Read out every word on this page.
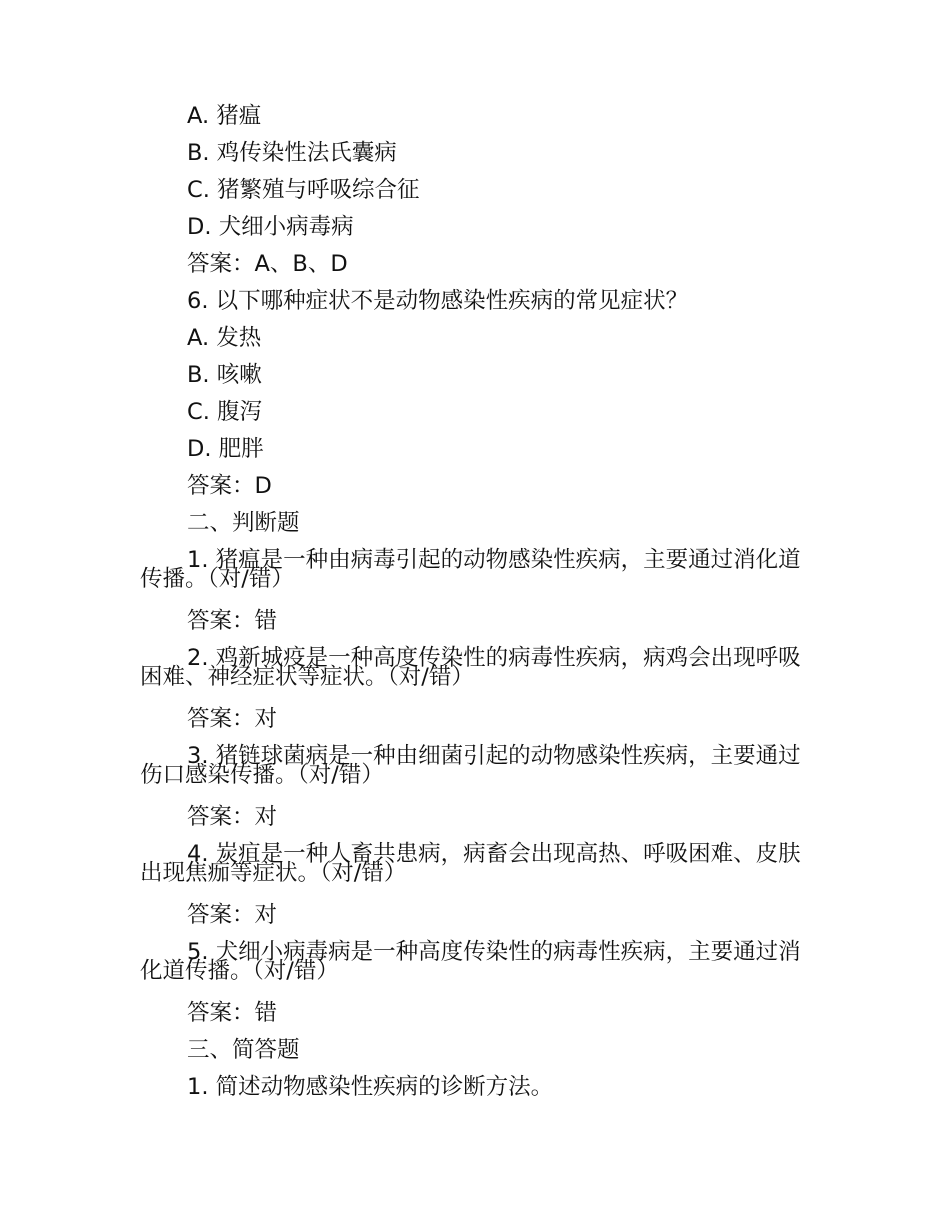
A. 猪瘟
B. 鸡传染性法氏囊病
C. 猪繁殖与呼吸综合征
D. 犬细小病毒病
答案：A、B、D
6. 以下哪种症状不是动物感染性疾病的常见症状？
A. 发热
B. 咳嗽
C. 腹泻
D. 肥胖
答案：D
二、判断题
1. 猪瘟是一种由病毒引起的动物感染性疾病，主要通过消化道传播。（对/错）
答案：错
2. 鸡新城疫是一种高度传染性的病毒性疾病，病鸡会出现呼吸困难、神经症状等症状。（对/错）
答案：对
3. 猪链球菌病是一种由细菌引起的动物感染性疾病，主要通过伤口感染传播。（对/错）
答案：对
4. 炭疽是一种人畜共患病，病畜会出现高热、呼吸困难、皮肤出现焦痂等症状。（对/错）
答案：对
5. 犬细小病毒病是一种高度传染性的病毒性疾病，主要通过消化道传播。（对/错）
答案：错
三、简答题
1. 简述动物感染性疾病的诊断方法。
